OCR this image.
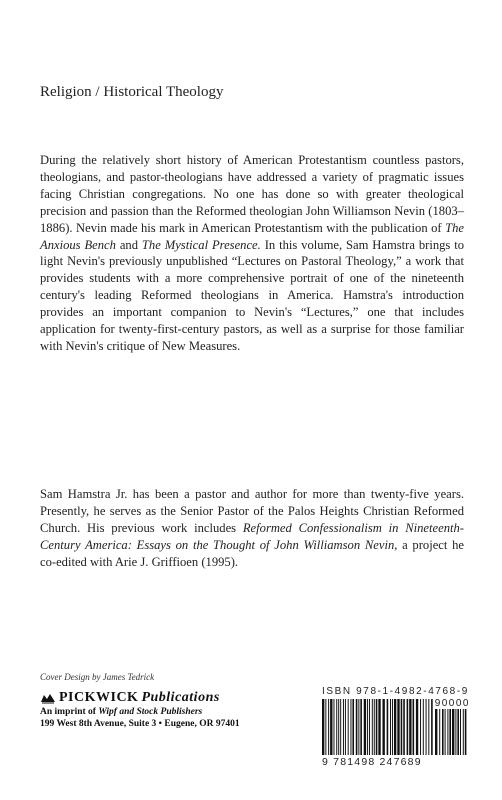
Religion / Historical Theology
During the relatively short history of American Protestantism countless pastors, theologians, and pastor-theologians have addressed a variety of pragmatic issues facing Christian congregations. No one has done so with greater theological precision and passion than the Reformed theologian John Williamson Nevin (1803–1886). Nevin made his mark in American Protestantism with the publication of The Anxious Bench and The Mystical Presence. In this volume, Sam Hamstra brings to light Nevin's previously unpublished “Lectures on Pastoral Theology,” a work that provides students with a more comprehensive portrait of one of the nineteenth century's leading Reformed theologians in America. Hamstra's introduction provides an important companion to Nevin's “Lectures,” one that includes application for twenty-first-century pastors, as well as a surprise for those familiar with Nevin's critique of New Measures.
Sam Hamstra Jr. has been a pastor and author for more than twenty-five years. Presently, he serves as the Senior Pastor of the Palos Heights Christian Reformed Church. His previous work includes Reformed Confessionalism in Nineteenth-Century America: Essays on the Thought of John Williamson Nevin, a project he co-edited with Arie J. Griffioen (1995).
Cover Design by James Tedrick
PICKWICK Publications
An imprint of Wipf and Stock Publishers
199 West 8th Avenue, Suite 3 • Eugene, OR 97401
ISBN 978-1-4982-4768-9
90000
9 781498 247689
